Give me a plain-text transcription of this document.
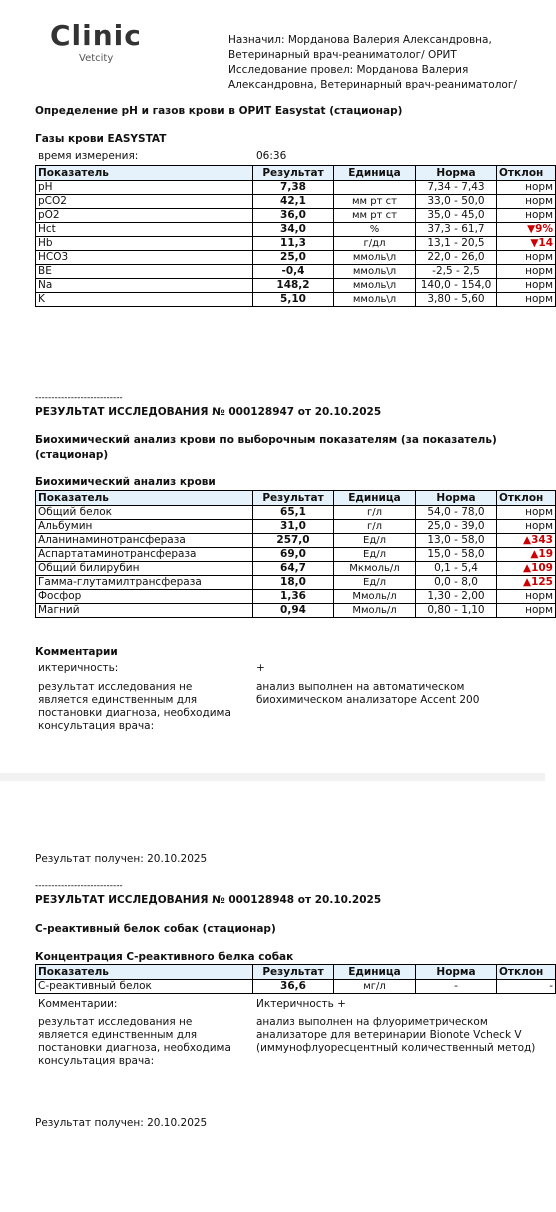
Clinic
Vetcity
Назначил: Морданова Валерия Александровна,
Ветеринарный врач-реаниматолог/ ОРИТ
Исследование провел: Морданова Валерия
Александровна, Ветеринарный врач-реаниматолог/
Определение pH и газов крови в ОРИТ Easystat (стационар)
Газы крови EASYSTAT
время измерения:	06:36
Показатель	Результат	Единица	Норма	Отклон
pH	7,38		7,34 - 7,43	норм
pCO2	42,1	мм рт ст	33,0 - 50,0	норм
pO2	36,0	мм рт ст	35,0 - 45,0	норм
Hct	34,0	%	37,3 - 61,7	▼9%
Hb	11,3	г/дл	13,1 - 20,5	▼14
HCO3	25,0	ммоль\л	22,0 - 26,0	норм
BE	-0,4	ммоль\л	-2,5 - 2,5	норм
Na	148,2	ммоль\л	140,0 - 154,0	норм
K	5,10	ммоль\л	3,80 - 5,60	норм
---------------------------
РЕЗУЛЬТАТ ИССЛЕДОВАНИЯ № 000128947 от 20.10.2025
Биохимический анализ крови по выборочным показателям (за показатель)
(стационар)
Биохимический анализ крови
Показатель	Результат	Единица	Норма	Отклон
Общий белок	65,1	г/л	54,0 - 78,0	норм
Альбумин	31,0	г/л	25,0 - 39,0	норм
Аланинаминотрансфераза	257,0	Ед/л	13,0 - 58,0	▲343
Аспартатаминотрансфераза	69,0	Ед/л	15,0 - 58,0	▲19
Общий билирубин	64,7	Мкмоль/л	0,1 - 5,4	▲109
Гамма-глутамилтрансфераза	18,0	Ед/л	0,0 - 8,0	▲125
Фосфор	1,36	Ммоль/л	1,30 - 2,00	норм
Магний	0,94	Ммоль/л	0,80 - 1,10	норм
Комментарии
иктеричность:	+
результат исследования не
является единственным для
постановки диагноза, необходима
консультация врача:
анализ выполнен на автоматическом
биохимическом анализаторе Accent 200
Результат получен: 20.10.2025
---------------------------
РЕЗУЛЬТАТ ИССЛЕДОВАНИЯ № 000128948 от 20.10.2025
С-реактивный белок собак (стационар)
Концентрация С-реактивного белка собак
Показатель	Результат	Единица	Норма	Отклон
С-реактивный белок	36,6	мг/л	-	-
Комментарии:	Иктеричность +
результат исследования не
является единственным для
постановки диагноза, необходима
консультация врача:
анализ выполнен на флуориметрическом
анализаторе для ветеринарии Bionote Vcheck V
(иммунофлуоресцентный количественный метод)
Результат получен: 20.10.2025
